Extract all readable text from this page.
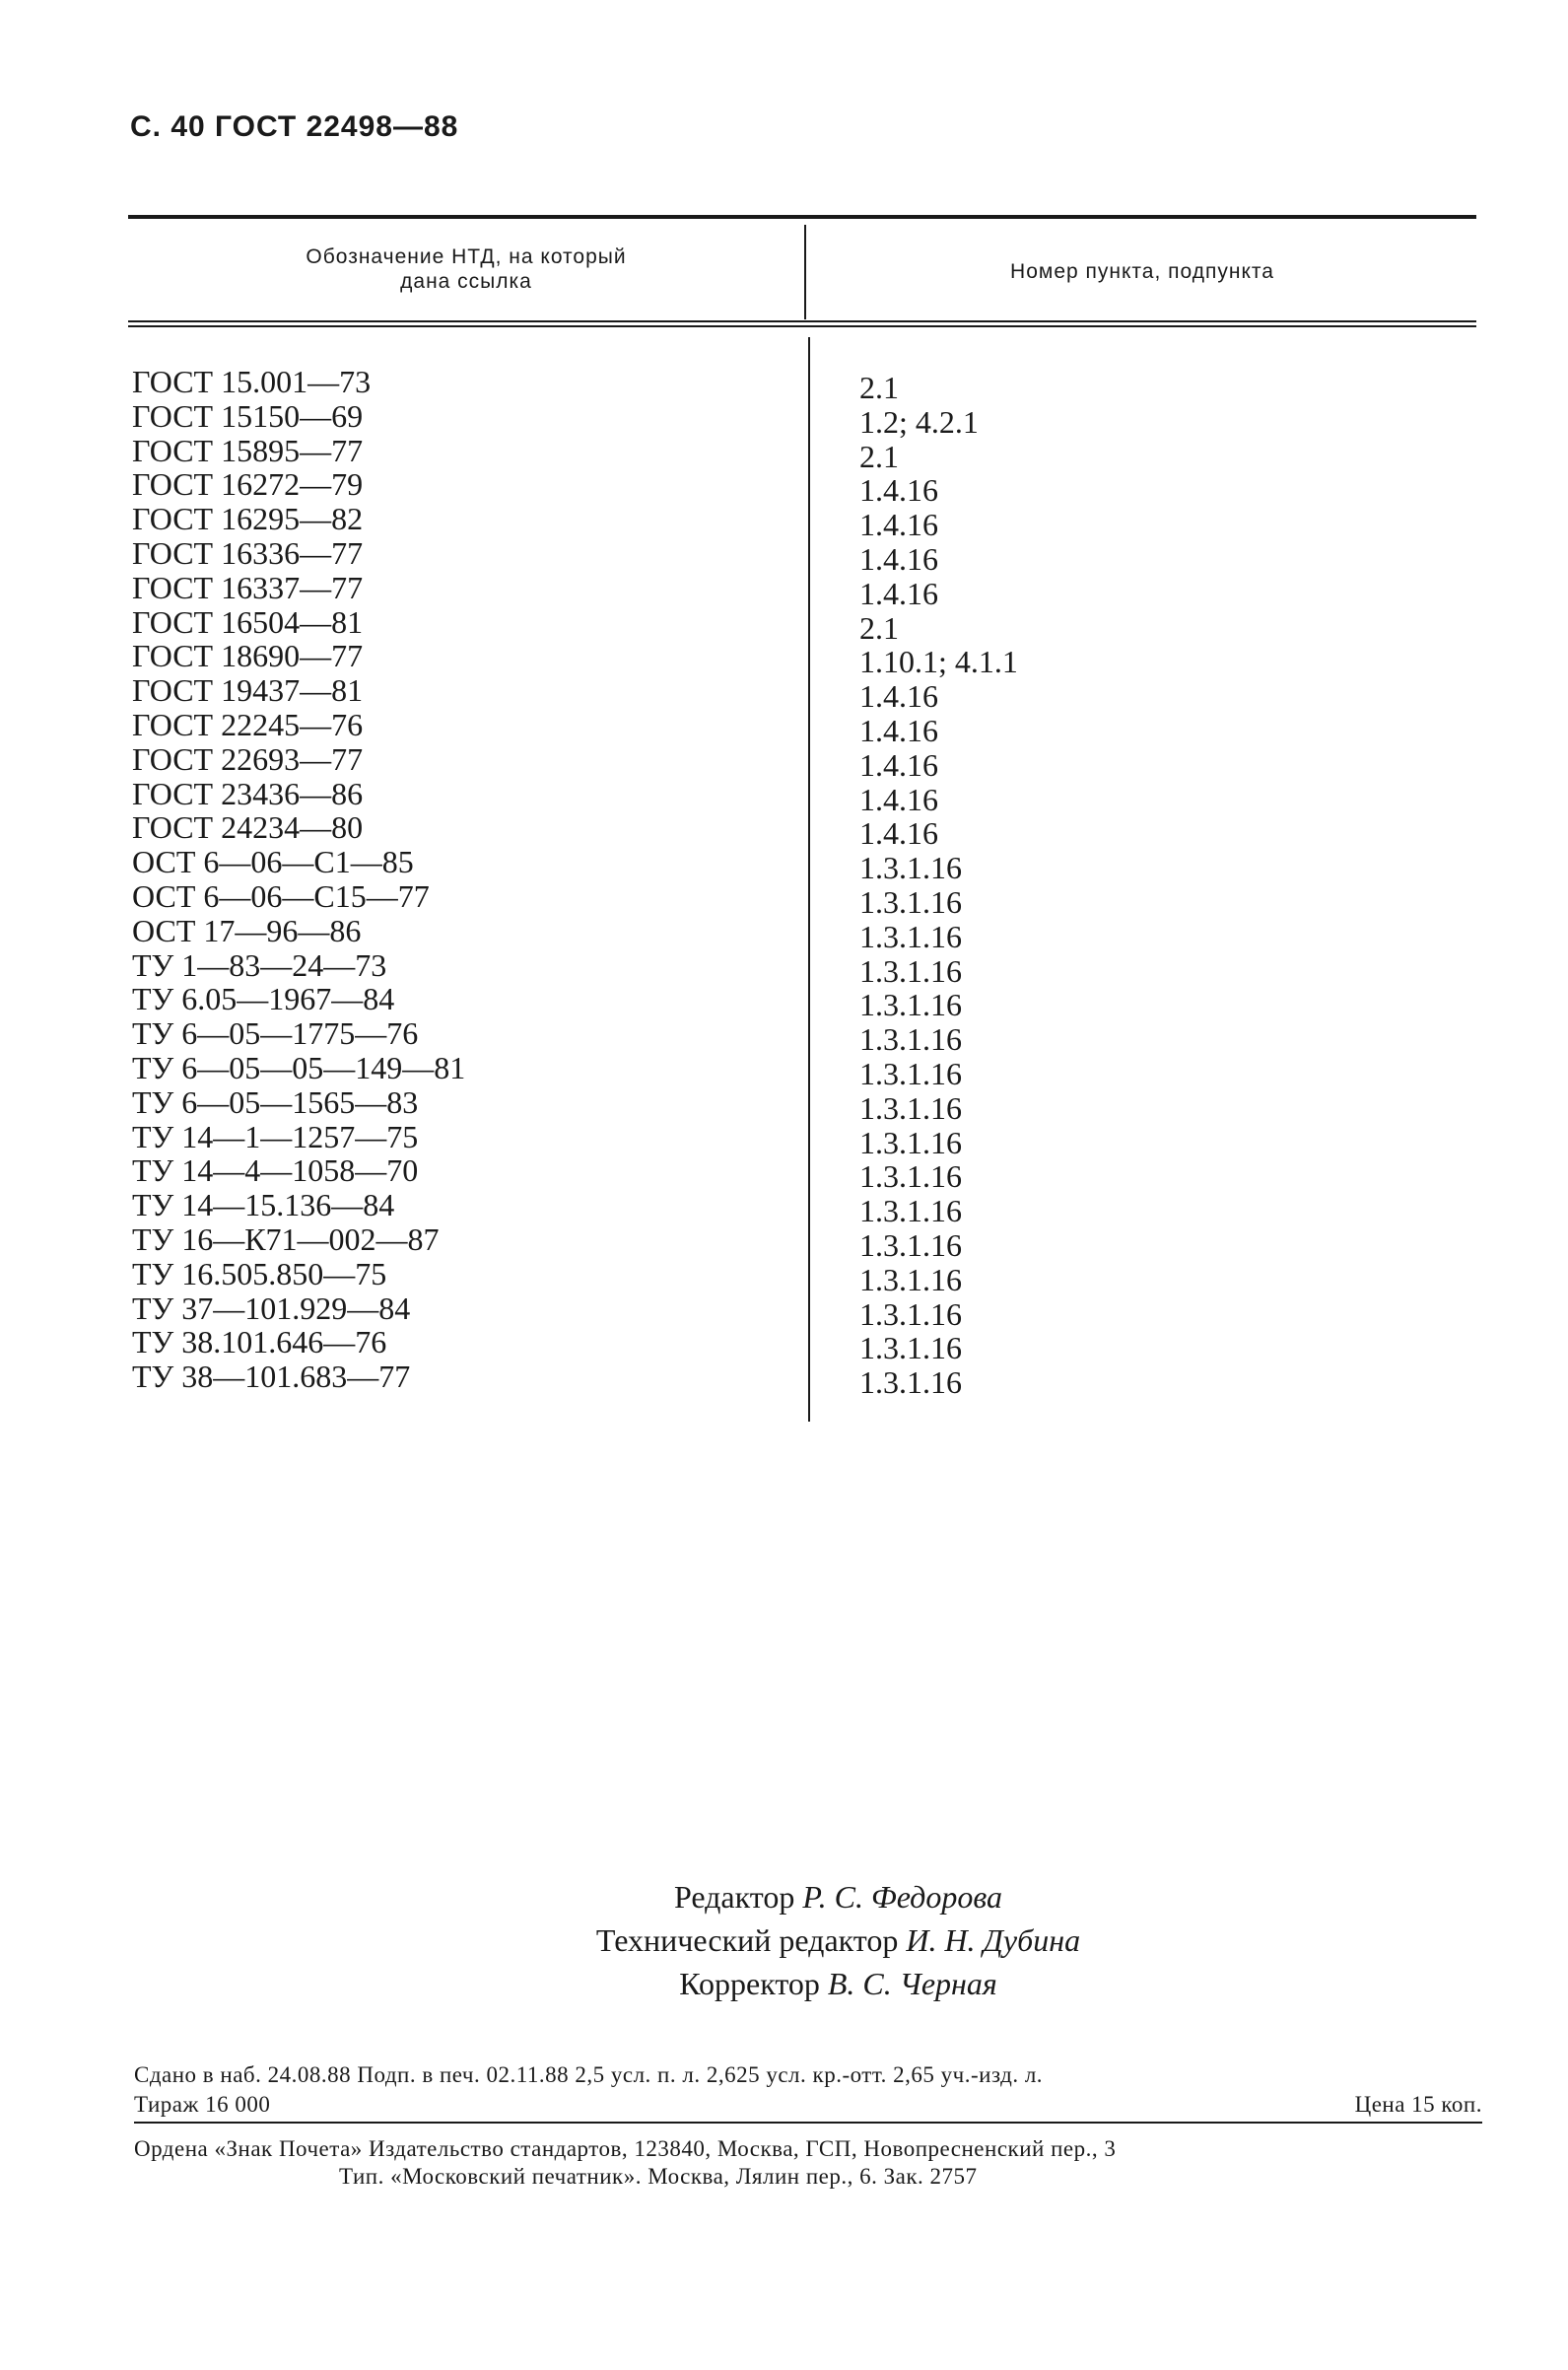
С. 40 ГОСТ 22498—88
Обозначение НТД, на который
дана ссылка	Номер пункта, подпункта
ГОСТ 15.001—73
ГОСТ 15150—69
ГОСТ 15895—77
ГОСТ 16272—79
ГОСТ 16295—82
ГОСТ 16336—77
ГОСТ 16337—77
ГОСТ 16504—81
ГОСТ 18690—77
ГОСТ 19437—81
ГОСТ 22245—76
ГОСТ 22693—77
ГОСТ 23436—86
ГОСТ 24234—80
ОСТ 6—06—С1—85
ОСТ 6—06—С15—77
ОСТ 17—96—86
ТУ 1—83—24—73
ТУ 6.05—1967—84
ТУ 6—05—1775—76
ТУ 6—05—05—149—81
ТУ 6—05—1565—83
ТУ 14—1—1257—75
ТУ 14—4—1058—70
ТУ 14—15.136—84
ТУ 16—К71—002—87
ТУ 16.505.850—75
ТУ 37—101.929—84
ТУ 38.101.646—76
ТУ 38—101.683—77
2.1
1.2; 4.2.1
2.1
1.4.16
1.4.16
1.4.16
1.4.16
2.1
1.10.1; 4.1.1
1.4.16
1.4.16
1.4.16
1.4.16
1.4.16
1.3.1.16
1.3.1.16
1.3.1.16
1.3.1.16
1.3.1.16
1.3.1.16
1.3.1.16
1.3.1.16
1.3.1.16
1.3.1.16
1.3.1.16
1.3.1.16
1.3.1.16
1.3.1.16
1.3.1.16
1.3.1.16
Редактор Р. С. Федорова
Технический редактор И. Н. Дубина
Корректор В. С. Черная
Сдано в наб. 24.08.88 Подп. в печ. 02.11.88 2,5 усл. п. л. 2,625 усл. кр.-отт. 2,65 уч.-изд. л.
Тираж 16 000	Цена 15 коп.
Ордена «Знак Почета» Издательство стандартов, 123840, Москва, ГСП, Новопресненский пер., 3
Тип. «Московский печатник». Москва, Лялин пер., 6. Зак. 2757
